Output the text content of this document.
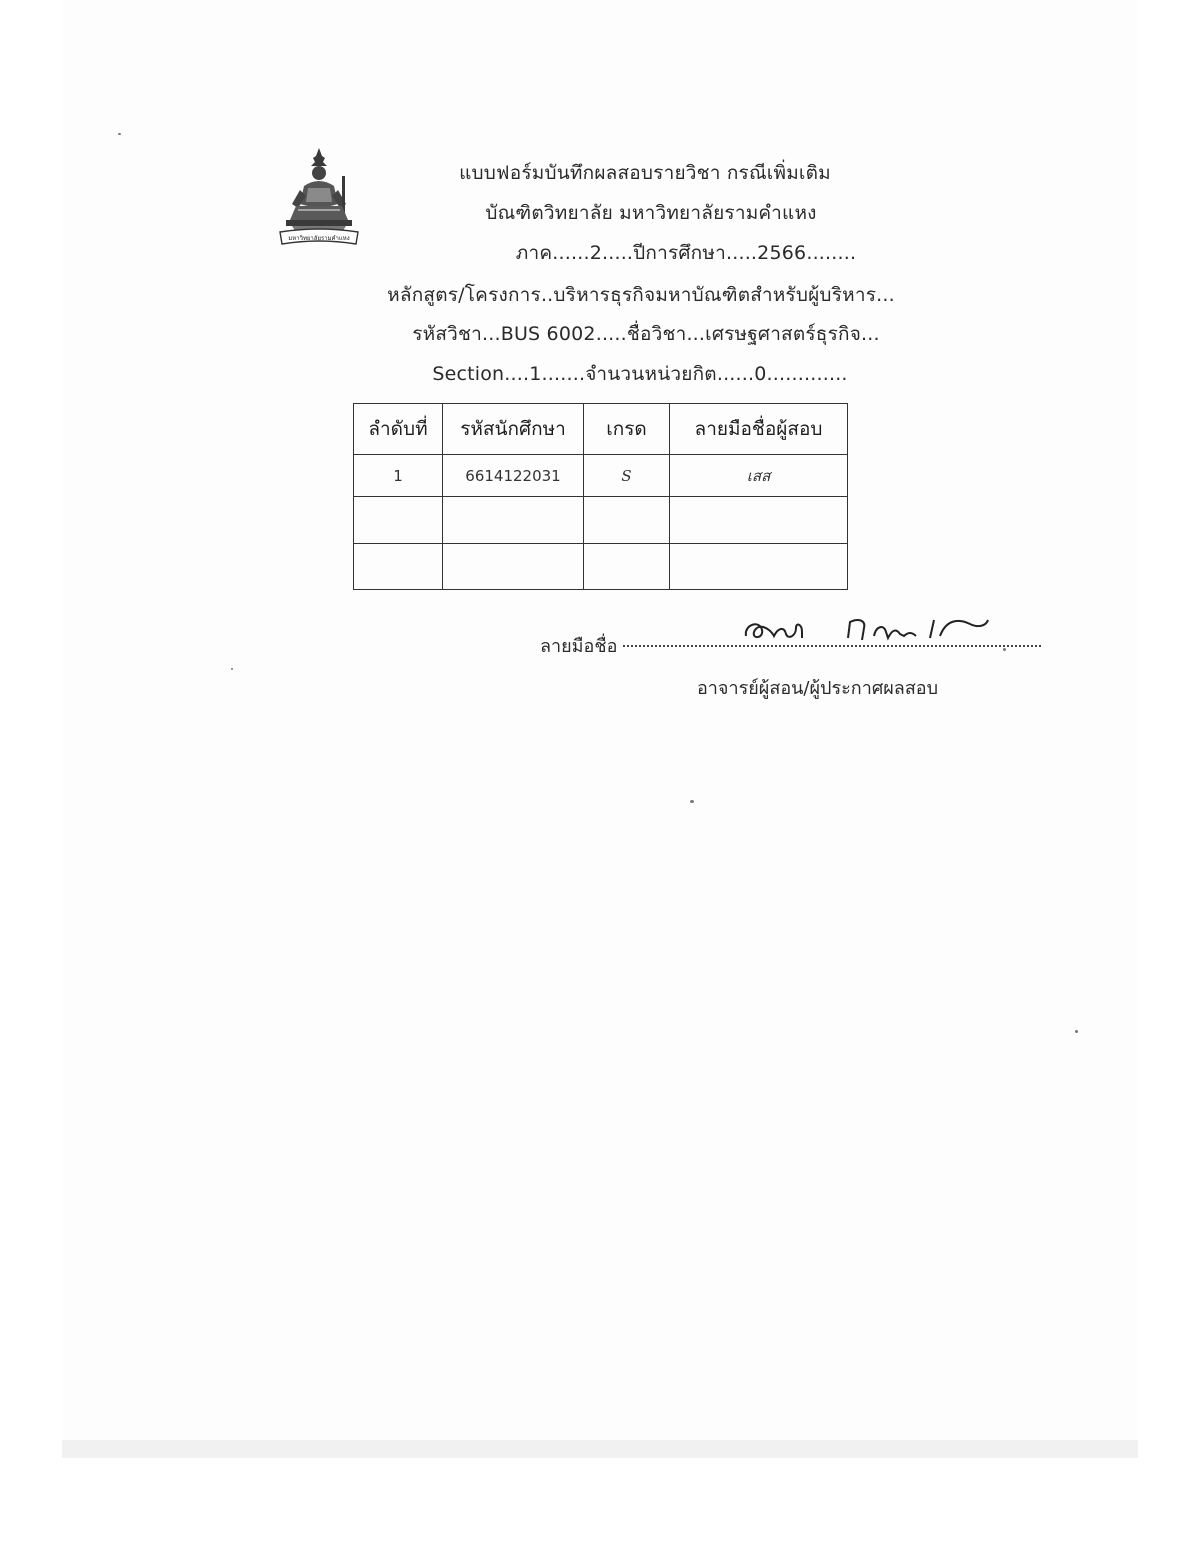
มหาวิทยาลัยรามคำแหง
แบบฟอร์มบันทึกผลสอบรายวิชา กรณีเพิ่มเติม
บัณฑิตวิทยาลัย มหาวิทยาลัยรามคำแหง
ภาค......2.....ปีการศึกษา.....2566........
หลักสูตร/โครงการ..บริหารธุรกิจมหาบัณฑิตสำหรับผู้บริหาร...
รหัสวิชา...BUS 6002.....ชื่อวิชา...เศรษฐศาสตร์ธุรกิจ...
Section....1.......จำนวนหน่วยกิต......0.............
ลำดับที่	รหัสนักศึกษา	เกรด	ลายมือชื่อผู้สอบ
1	6614122031	S	เสส

ลายมือชื่อ
ศิลป์ ภาคะเงิ
อาจารย์ผู้สอน/ผู้ประกาศผลสอบ
